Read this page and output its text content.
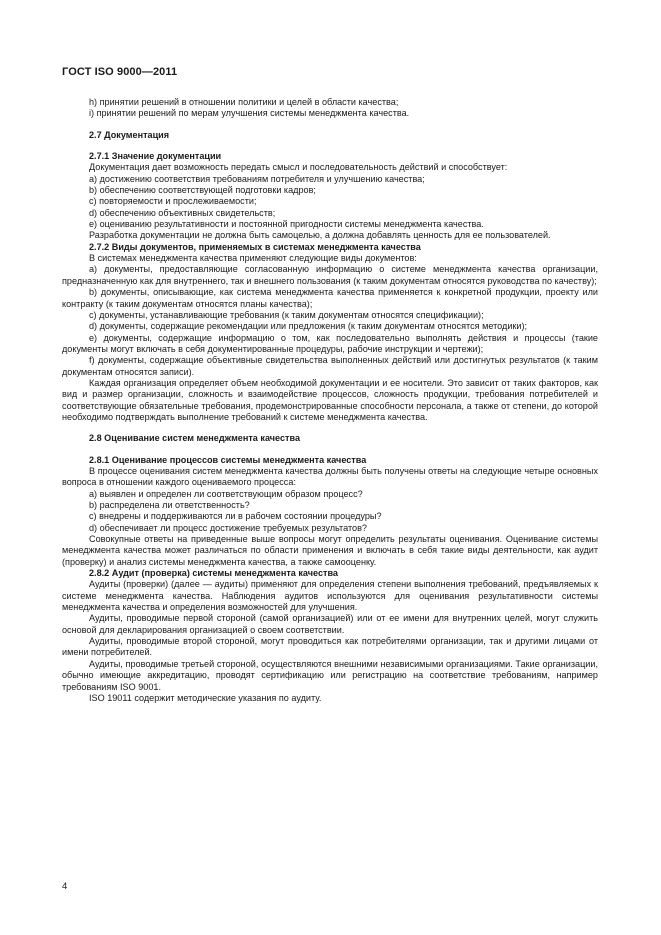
ГОСТ ISO 9000—2011

h) принятии решений в отношении политики и целей в области качества;

i) принятии решений по мерам улучшения системы менеджмента качества.

2.7 Документация

2.7.1 Значение документации

Документация дает возможность передать смысл и последовательность действий и способствует:

a) достижению соответствия требованиям потребителя и улучшению качества;

b) обеспечению соответствующей подготовки кадров;

c) повторяемости и прослеживаемости;

d) обеспечению объективных свидетельств;

e) оцениванию результативности и постоянной пригодности системы менеджмента качества.

Разработка документации не должна быть самоцелью, а должна добавлять ценность для ее пользователей.

2.7.2 Виды документов, применяемых в системах менеджмента качества

В системах менеджмента качества применяют следующие виды документов:

a) документы, предоставляющие согласованную информацию о системе менеджмента качества организации, предназначенную как для внутреннего, так и внешнего пользования (к таким документам относятся руководства по качеству);

b) документы, описывающие, как система менеджмента качества применяется к конкретной продукции, проекту или контракту (к таким документам относятся планы качества);

c) документы, устанавливающие требования (к таким документам относятся спецификации);

d) документы, содержащие рекомендации или предложения (к таким документам относятся методики);

e) документы, содержащие информацию о том, как последовательно выполнять действия и процессы (такие документы могут включать в себя документированные процедуры, рабочие инструкции и чертежи);

f) документы, содержащие объективные свидетельства выполненных действий или достигнутых результатов (к таким документам относятся записи).

Каждая организация определяет объем необходимой документации и ее носители. Это зависит от таких факторов, как вид и размер организации, сложность и взаимодействие процессов, сложность продукции, требования потребителей и соответствующие обязательные требования, продемонстрированные способности персонала, а также от степени, до которой необходимо подтверждать выполнение требований к системе менеджмента качества.

2.8 Оценивание систем менеджмента качества

2.8.1 Оценивание процессов системы менеджмента качества

В процессе оценивания систем менеджмента качества должны быть получены ответы на следующие четыре основных вопроса в отношении каждого оцениваемого процесса:

a) выявлен и определен ли соответствующим образом процесс?

b) распределена ли ответственность?

c) внедрены и поддерживаются ли в рабочем состоянии процедуры?

d) обеспечивает ли процесс достижение требуемых результатов?

Совокупные ответы на приведенные выше вопросы могут определить результаты оценивания. Оценивание системы менеджмента качества может различаться по области применения и включать в себя такие виды деятельности, как аудит (проверку) и анализ системы менеджмента качества, а также самооценку.

2.8.2 Аудит (проверка) системы менеджмента качества

Аудиты (проверки) (далее — аудиты) применяют для определения степени выполнения требований, предъявляемых к системе менеджмента качества. Наблюдения аудитов используются для оценивания результативности системы менеджмента качества и определения возможностей для улучшения.

Аудиты, проводимые первой стороной (самой организацией) или от ее имени для внутренних целей, могут служить основой для декларирования организацией о своем соответствии.

Аудиты, проводимые второй стороной, могут проводиться как потребителями организации, так и другими лицами от имени потребителей.

Аудиты, проводимые третьей стороной, осуществляются внешними независимыми организациями. Такие организации, обычно имеющие аккредитацию, проводят сертификацию или регистрацию на соответствие требованиям, например требованиям ISO 9001.

ISO 19011 содержит методические указания по аудиту.

4
